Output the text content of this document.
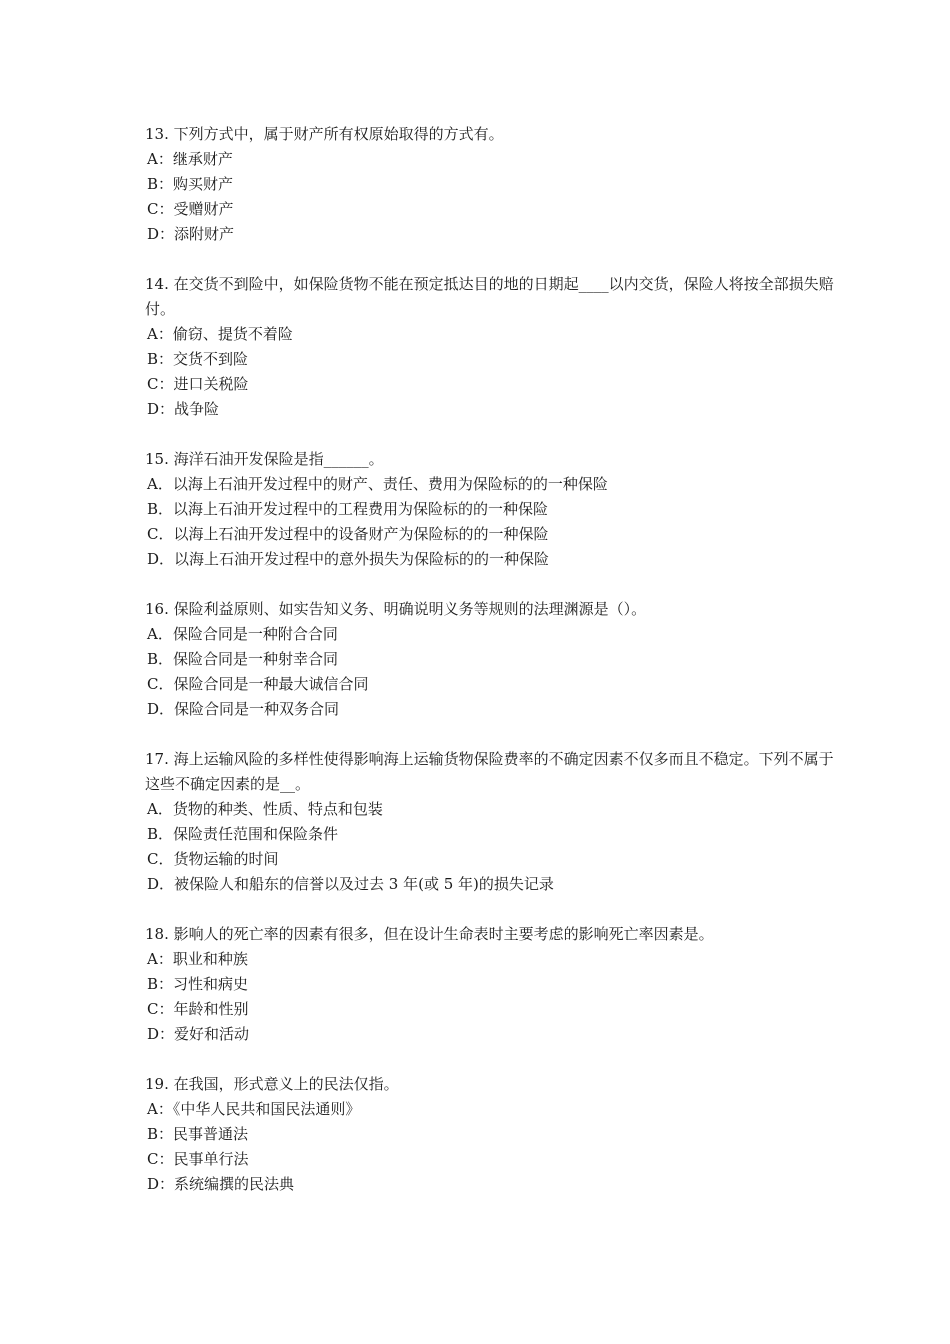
13. 下列方式中，属于财产所有权原始取得的方式有。

A：继承财产

B：购买财产

C：受赠财产

D：添附财产

14. 在交货不到险中，如保险货物不能在预定抵达目的地的日期起____以内交货，保险人将按全部损失赔付。

A：偷窃、提货不着险

B：交货不到险

C：进口关税险

D：战争险

15. 海洋石油开发保险是指______。

A．以海上石油开发过程中的财产、责任、费用为保险标的的一种保险

B．以海上石油开发过程中的工程费用为保险标的的一种保险

C．以海上石油开发过程中的设备财产为保险标的的一种保险

D．以海上石油开发过程中的意外损失为保险标的的一种保险

16. 保险利益原则、如实告知义务、明确说明义务等规则的法理渊源是（）。

A．保险合同是一种附合合同

B．保险合同是一种射幸合同

C．保险合同是一种最大诚信合同

D．保险合同是一种双务合同

17. 海上运输风险的多样性使得影响海上运输货物保险费率的不确定因素不仅多而且不稳定。下列不属于这些不确定因素的是__。

A．货物的种类、性质、特点和包装

B．保险责任范围和保险条件

C．货物运输的时间

D．被保险人和船东的信誉以及过去 3 年(或 5 年)的损失记录

18. 影响人的死亡率的因素有很多，但在设计生命表时主要考虑的影响死亡率因素是。

A：职业和种族

B：习性和病史

C：年龄和性别

D：爱好和活动

19. 在我国，形式意义上的民法仅指。

A：《中华人民共和国民法通则》

B：民事普通法

C：民事单行法

D：系统编撰的民法典
